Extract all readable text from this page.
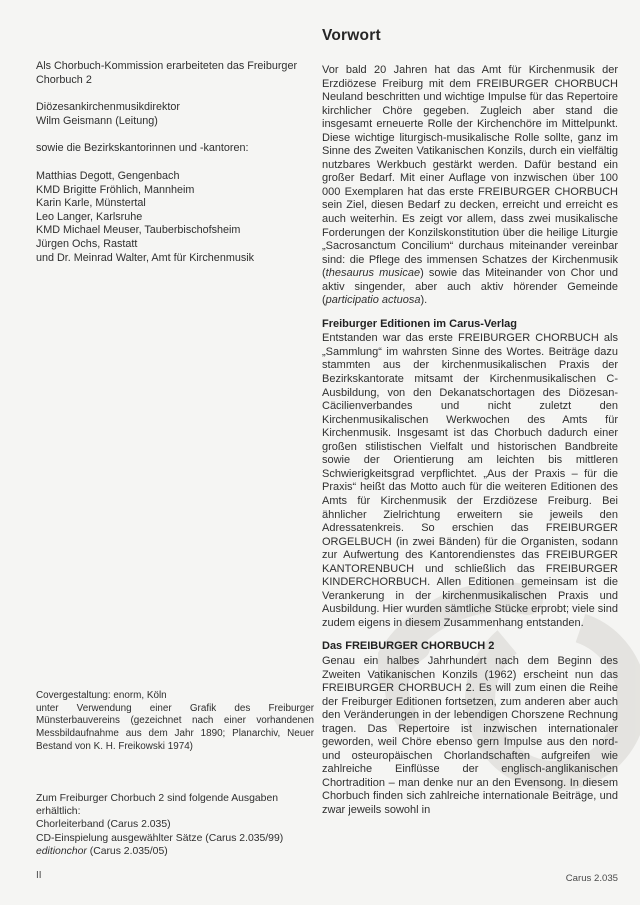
Als Chorbuch-Kommission erarbeiteten das Freiburger Chorbuch 2
Diözesankirchenmusikdirektor
Wilm Geismann (Leitung)
sowie die Bezirkskantorinnen und -kantoren:
Matthias Degott, Gengenbach
KMD Brigitte Fröhlich, Mannheim
Karin Karle, Münstertal
Leo Langer, Karlsruhe
KMD Michael Meuser, Tauberbischofsheim
Jürgen Ochs, Rastatt
und Dr. Meinrad Walter, Amt für Kirchenmusik
Covergestaltung: enorm, Köln
unter Verwendung einer Grafik des Freiburger Münsterbauvereins (gezeichnet nach einer vorhandenen Messbildaufnahme aus dem Jahr 1890; Planarchiv, Neuer Bestand von K. H. Freikowski 1974)
Zum Freiburger Chorbuch 2 sind folgende Ausgaben erhältlich:
Chorleiterband (Carus 2.035)
CD-Einspielung ausgewählter Sätze (Carus 2.035/99)
editionchor (Carus 2.035/05)
Vorwort

Vor bald 20 Jahren hat das Amt für Kirchenmusik der Erzdiözese Freiburg mit dem FREIBURGER CHORBUCH Neuland beschritten und wichtige Impulse für das Repertoire kirchlicher Chöre gegeben. Zugleich aber stand die insgesamt erneuerte Rolle der Kirchenchöre im Mittelpunkt. Diese wichtige liturgisch-musikalische Rolle sollte, ganz im Sinne des Zweiten Vatikanischen Konzils, durch ein vielfältig nutzbares Werkbuch gestärkt werden. Dafür bestand ein großer Bedarf. Mit einer Auflage von inzwischen über 100 000 Exemplaren hat das erste FREIBURGER CHORBUCH sein Ziel, diesen Bedarf zu decken, erreicht und erreicht es auch weiterhin. Es zeigt vor allem, dass zwei musikalische Forderungen der Konzilskonstitution über die heilige Liturgie „Sacrosanctum Concilium“ durchaus miteinander vereinbar sind: die Pflege des immensen Schatzes der Kirchenmusik (thesaurus musicae) sowie das Miteinander von Chor und aktiv singender, aber auch aktiv hörender Gemeinde (participatio actuosa).

Freiburger Editionen im Carus-Verlag

Entstanden war das erste FREIBURGER CHORBUCH als „Sammlung“ im wahrsten Sinne des Wortes. Beiträge dazu stammten aus der kirchenmusikalischen Praxis der Bezirkskantorate mitsamt der Kirchenmusikalischen C-Ausbildung, von den Dekanatschortagen des Diözesan-Cäcilienverbandes und nicht zuletzt den Kirchenmusikalischen Werkwochen des Amts für Kirchenmusik. Insgesamt ist das Chorbuch dadurch einer großen stilistischen Vielfalt und historischen Bandbreite sowie der Orientierung am leichten bis mittleren Schwierigkeitsgrad verpflichtet. „Aus der Praxis – für die Praxis“ heißt das Motto auch für die weiteren Editionen des Amts für Kirchenmusik der Erzdiözese Freiburg. Bei ähnlicher Zielrichtung erweitern sie jeweils den Adressatenkreis. So erschien das FREIBURGER ORGELBUCH (in zwei Bänden) für die Organisten, sodann zur Aufwertung des Kantorendienstes das FREIBURGER KANTORENBUCH und schließlich das FREIBURGER KINDERCHORBUCH. Allen Editionen gemeinsam ist die Verankerung in der kirchenmusikalischen Praxis und Ausbildung. Hier wurden sämtliche Stücke erprobt; viele sind zudem eigens in diesem Zusammenhang entstanden.

Das FREIBURGER CHORBUCH 2

Genau ein halbes Jahrhundert nach dem Beginn des Zweiten Vatikanischen Konzils (1962) erscheint nun das FREIBURGER CHORBUCH 2. Es will zum einen die Reihe der Freiburger Editionen fortsetzen, zum anderen aber auch den Veränderungen in der lebendigen Chorszene Rechnung tragen. Das Repertoire ist inzwischen internationaler geworden, weil Chöre ebenso gern Impulse aus den nord- und osteuropäischen Chorlandschaften aufgreifen wie zahlreiche Einflüsse der englisch-anglikanischen Chortradition – man denke nur an den Evensong. In diesem Chorbuch finden sich zahlreiche internationale Beiträge, und zwar jeweils sowohl in

II	Carus 2.035
